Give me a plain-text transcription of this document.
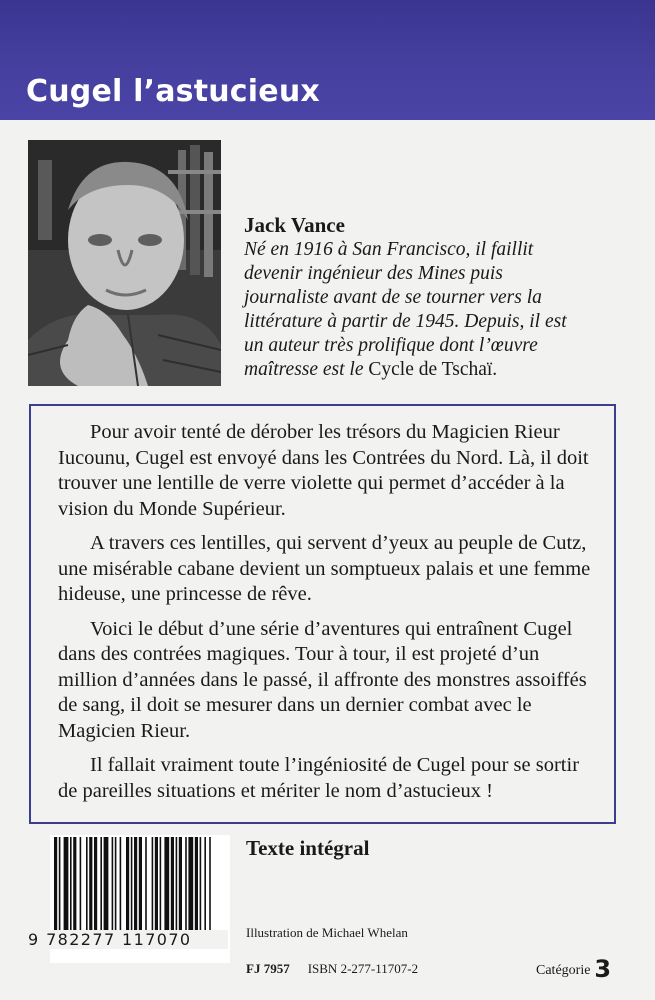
Cugel l’astucieux

Jack Vance

Né en 1916 à San Francisco, il faillit

devenir ingénieur des Mines puis

journaliste avant de se tourner vers la

littérature à partir de 1945. Depuis, il est

un auteur très prolifique dont l’œuvre

maîtresse est le Cycle de Tschaï.

Pour avoir tenté de dérober les trésors du Magicien Rieur Iucounu, Cugel est envoyé dans les Contrées du Nord. Là, il doit trouver une lentille de verre violette qui permet d’accéder à la vision du Monde Supérieur.

A travers ces lentilles, qui servent d’yeux au peuple de Cutz, une misérable cabane devient un somptueux palais et une femme hideuse, une princesse de rêve.

Voici le début d’une série d’aventures qui entraînent Cugel dans des contrées magiques. Tour à tour, il est projeté d’un million d’années dans le passé, il affronte des monstres assoiffés de sang, il doit se mesurer dans un dernier combat avec le Magicien Rieur.

Il fallait vraiment toute l’ingéniosité de Cugel pour se sortir de pareilles situations et mériter le nom d’astucieux !

9 782277 117070
Texte intégral
Illustration de Michael Whelan
FJ 7957 ISBN 2-277-11707-2	Catégorie 3
